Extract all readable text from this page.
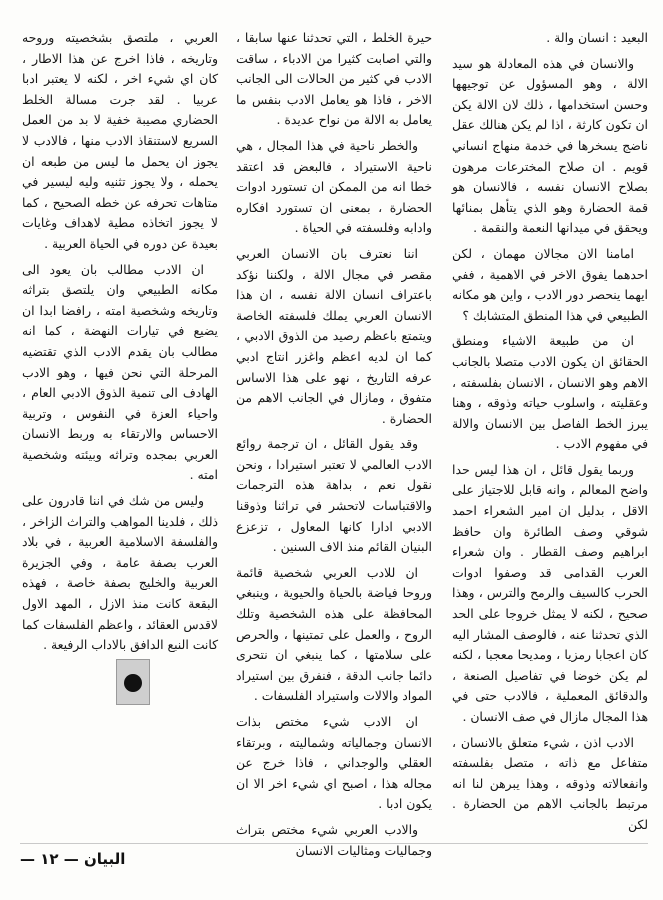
البعيد : انسان والة .

والانسان في هذه المعادلة هو سيد الالة ، وهو المسؤول عن توجيهها وحسن استخدامها ، ذلك لان الالة يكن ان تكون كارثة ، اذا لم يكن هنالك عقل ناضج يسخرها في خدمة منهاج انساني قويم . ان صلاح المخترعات مرهون بصلاح الانسان نفسه ، فالانسان هو قمة الحضارة وهو الذي يتأهل بمنائها ويحقق في ميدانها النعمة والنقمة .

امامنا الان مجالان مهمان ، لكن احدهما يفوق الاخر في الاهمية ، ففي ايهما ينحصر دور الادب ، واين هو مكانه الطبيعي في هذا المنطق المتشابك ؟

ان من طبيعة الاشياء ومنطق الحقائق ان يكون الادب متصلا بالجانب الاهم وهو الانسان ، الانسان بفلسفته ، وعقليته ، واسلوب حياته وذوقه ، وهنا يبرز الخط الفاصل بين الانسان والالة في مفهوم الادب .

وربما يقول قائل ، ان هذا ليس حدا واضح المعالم ، وانه قابل للاجتياز على الاقل ، بدليل ان امير الشعراء احمد شوقي وصف الطائرة وان حافظ ابراهيم وصف القطار . وان شعراء العرب القدامى قد وصفوا ادوات الحرب كالسيف والرمح والترس ، وهذا صحيح ، لكنه لا يمثل خروجا على الحد الذي تحدثنا عنه ، فالوصف المشار اليه كان اعجابا رمزيا ، ومديحا معجبا ، لكنه لم يكن خوضا في تفاصيل الصنعة ، والدقائق المعملية ، فالادب حتى في هذا المجال مازال في صف الانسان .

الادب اذن ، شيء متعلق بالانسان ، متفاعل مع ذاته ، متصل بفلسفته وانفعالاته وذوقه ، وهذا يبرهن لنا انه مرتبط بالجانب الاهم من الحضارة . لكن

حيرة الخلط ، التي تحدثنا عنها سابقا ، والتي اصابت كثيرا من الادباء ، ساقت الادب في كثير من الحالات الى الجانب الاخر ، فاذا هو يعامل الادب بنفس ما يعامل به الالة من نواح عديدة .

والخطر ناحية في هذا المجال ، هي ناحية الاستيراد ، فالبعض قد اعتقد خطا انه من الممكن ان تستورد ادوات الحضارة ، بمعنى ان تستورد افكاره وادابه وفلسفته في الحياة .

اننا نعترف بان الانسان العربي مقصر في مجال الالة ، ولكننا نؤكد باعتراف انسان الالة نفسه ، ان هذا الانسان العربي يملك فلسفته الخاصة ويتمتع باعظم رصيد من الذوق الادبي ، كما ان لديه اعظم واغزر انتاج ادبي عرفه التاريخ ، نهو على هذا الاساس متفوق ، ومازال في الجانب الاهم من الحضارة .

وقد يقول القائل ، ان ترجمة روائع الادب العالمي لا تعتبر استيرادا ، ونحن نقول نعم ، بداهة هذه الترجمات والاقتباسات لاتحشر في تراثنا وذوقنا الادبي ادارا كانها المعاول ، تزعزع البنيان القائم منذ الاف السنين .

ان للادب العربي شخصية قائمة وروحا فياضة بالحياة والحيوية ، وينبغي المحافظة على هذه الشخصية وتلك الروح ، والعمل على تمتينها ، والحرص على سلامتها ، كما ينبغي ان نتحرى دائما جانب الدقة ، فنفرق بين استيراد المواد والالات واستيراد الفلسفات .

ان الادب شيء مختص بذات الانسان وجمالياته وشماليته ، وبرتقاء العقلي والوجداني ، فاذا خرج عن مجاله هذا ، اصبح اي شيء اخر الا ان يكون ادبا .

والادب العربي شيء مختص بتراث وجماليات ومثاليات الانسان

العربي ، ملتصق بشخصيته وروحه وتاريخه ، فاذا اخرج عن هذا الاطار ، كان اي شيء اخر ، لكنه لا يعتبر ادبا عربيا . لقد جرت مسالة الخلط الحضاري مصيبة خفية لا بد من العمل السريع لاستنقاذ الادب منها ، فالادب لا يجوز ان يحمل ما ليس من طبعه ان يحمله ، ولا يجوز تثنيه وليه ليسير في متاهات تحرفه عن خطه الصحيح ، كما لا يجوز اتخاذه مطية لاهداف وغايات بعيدة عن دوره في الحياة العربية .

ان الادب مطالب بان يعود الى مكانه الطبيعي وان يلتصق بتراثه وتاريخه وشخصية امته ، رافضا ابدا ان يضيع في تيارات النهضة ، كما انه مطالب بان يقدم الادب الذي تقتضيه المرحلة التي نحن فيها ، وهو الادب الهادف الى تنمية الذوق الادبي العام ، واحياء العزة في النفوس ، وتربية الاحساس والارتقاء به وربط الانسان العربي بمجده وتراثه وبيئته وشخصية امته .

وليس من شك في اننا قادرون على ذلك ، فلدينا المواهب والتراث الزاخر ، والفلسفة الاسلامية العربية ، في بلاد العرب بصفة عامة ، وفي الجزيرة العربية والخليج بصفة خاصة ، فهذه البقعة كانت منذ الازل ، المهد الاول لاقدس العقائد ، واعظم الفلسفات كما كانت النبع الدافق بالاداب الرفيعة .

البيان — ١٢ —
